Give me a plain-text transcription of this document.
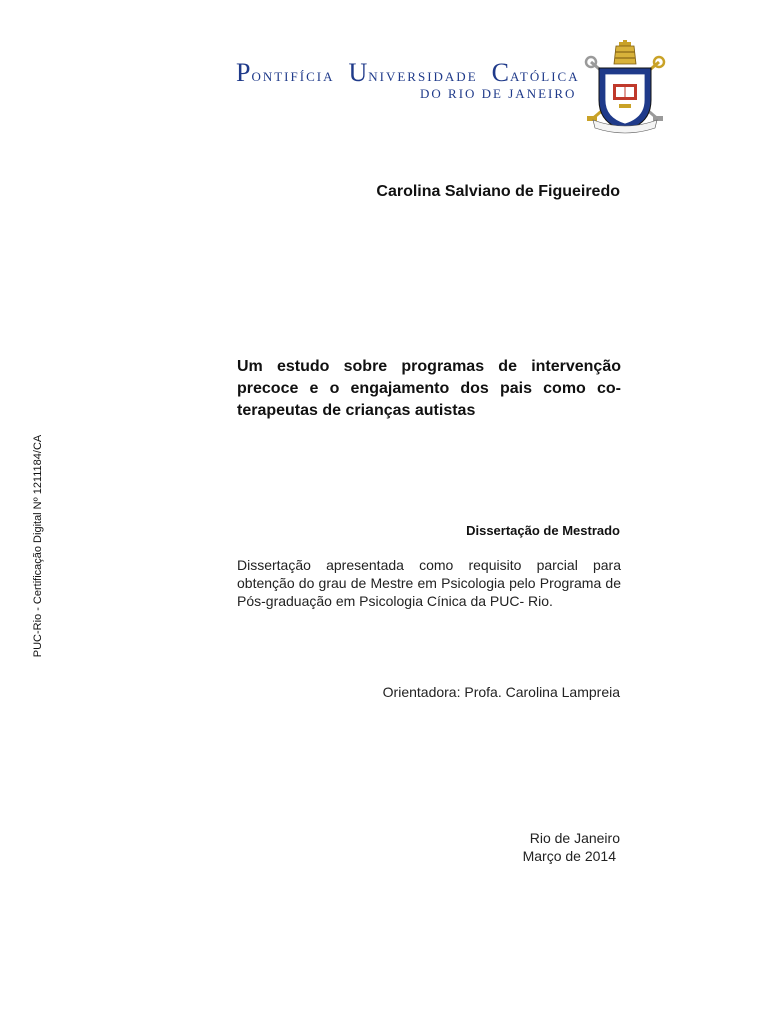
PONTIFÍCIA UNIVERSIDADE CATÓLICA
DO RIO DE JANEIRO
Carolina Salviano de Figueiredo
Um estudo sobre programas de intervenção precoce e o engajamento dos pais como co-terapeutas de crianças autistas
Dissertação de Mestrado
Dissertação apresentada como requisito parcial para obtenção do grau de Mestre em Psicologia pelo Programa de Pós-graduação em Psicologia Cínica da PUC- Rio.
Orientadora: Profa. Carolina Lampreia
Rio de Janeiro
Março de 2014
PUC-Rio - Certificação Digital Nº 1211184/CA
